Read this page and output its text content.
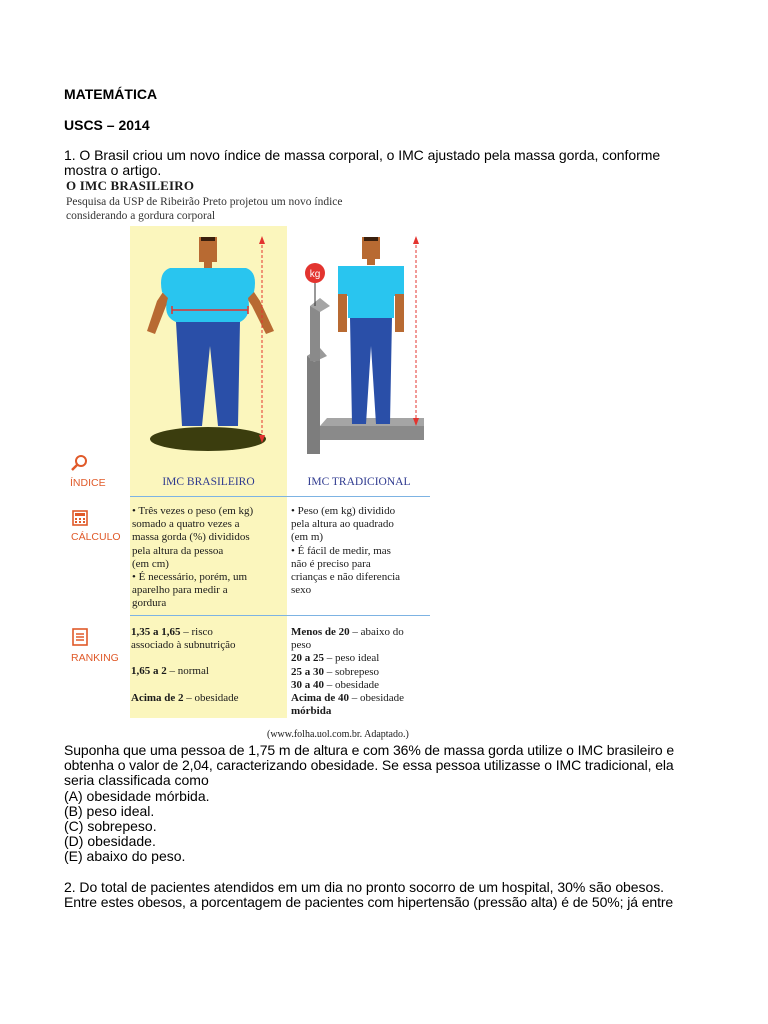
MATEMÁTICA
USCS – 2014
1. O Brasil criou um novo índice de massa corporal, o IMC ajustado pela massa gorda, conforme
mostra o artigo.
O IMC BRASILEIRO
Pesquisa da USP de Ribeirão Preto projetou um novo índice
considerando a gordura corporal
kg
ÍNDICE	IMC BRASILEIRO	IMC TRADICIONAL
CÁLCULO
• Três vezes o peso (em kg)
somado a quatro vezes a
massa gorda (%) divididos
pela altura da pessoa
(em cm)
• É necessário, porém, um
aparelho para medir a
gordura
• Peso (em kg) dividido
pela altura ao quadrado
(em m)
• É fácil de medir, mas
não é preciso para
crianças e não diferencia
sexo
RANKING
1,35 a 1,65 – risco
associado à subnutrição
1,65 a 2 – normal
Acima de 2 – obesidade
Menos de 20 – abaixo do
peso
20 a 25 – peso ideal
25 a 30 – sobrepeso
30 a 40 – obesidade
Acima de 40 – obesidade
mórbida
(www.folha.uol.com.br. Adaptado.)
Suponha que uma pessoa de 1,75 m de altura e com 36% de massa gorda utilize o IMC brasileiro e
obtenha o valor de 2,04, caracterizando obesidade. Se essa pessoa utilizasse o IMC tradicional, ela
seria classificada como
(A) obesidade mórbida.
(B) peso ideal.
(C) sobrepeso.
(D) obesidade.
(E) abaixo do peso.
2. Do total de pacientes atendidos em um dia no pronto socorro de um hospital, 30% são obesos.
Entre estes obesos, a porcentagem de pacientes com hipertensão (pressão alta) é de 50%; já entre
